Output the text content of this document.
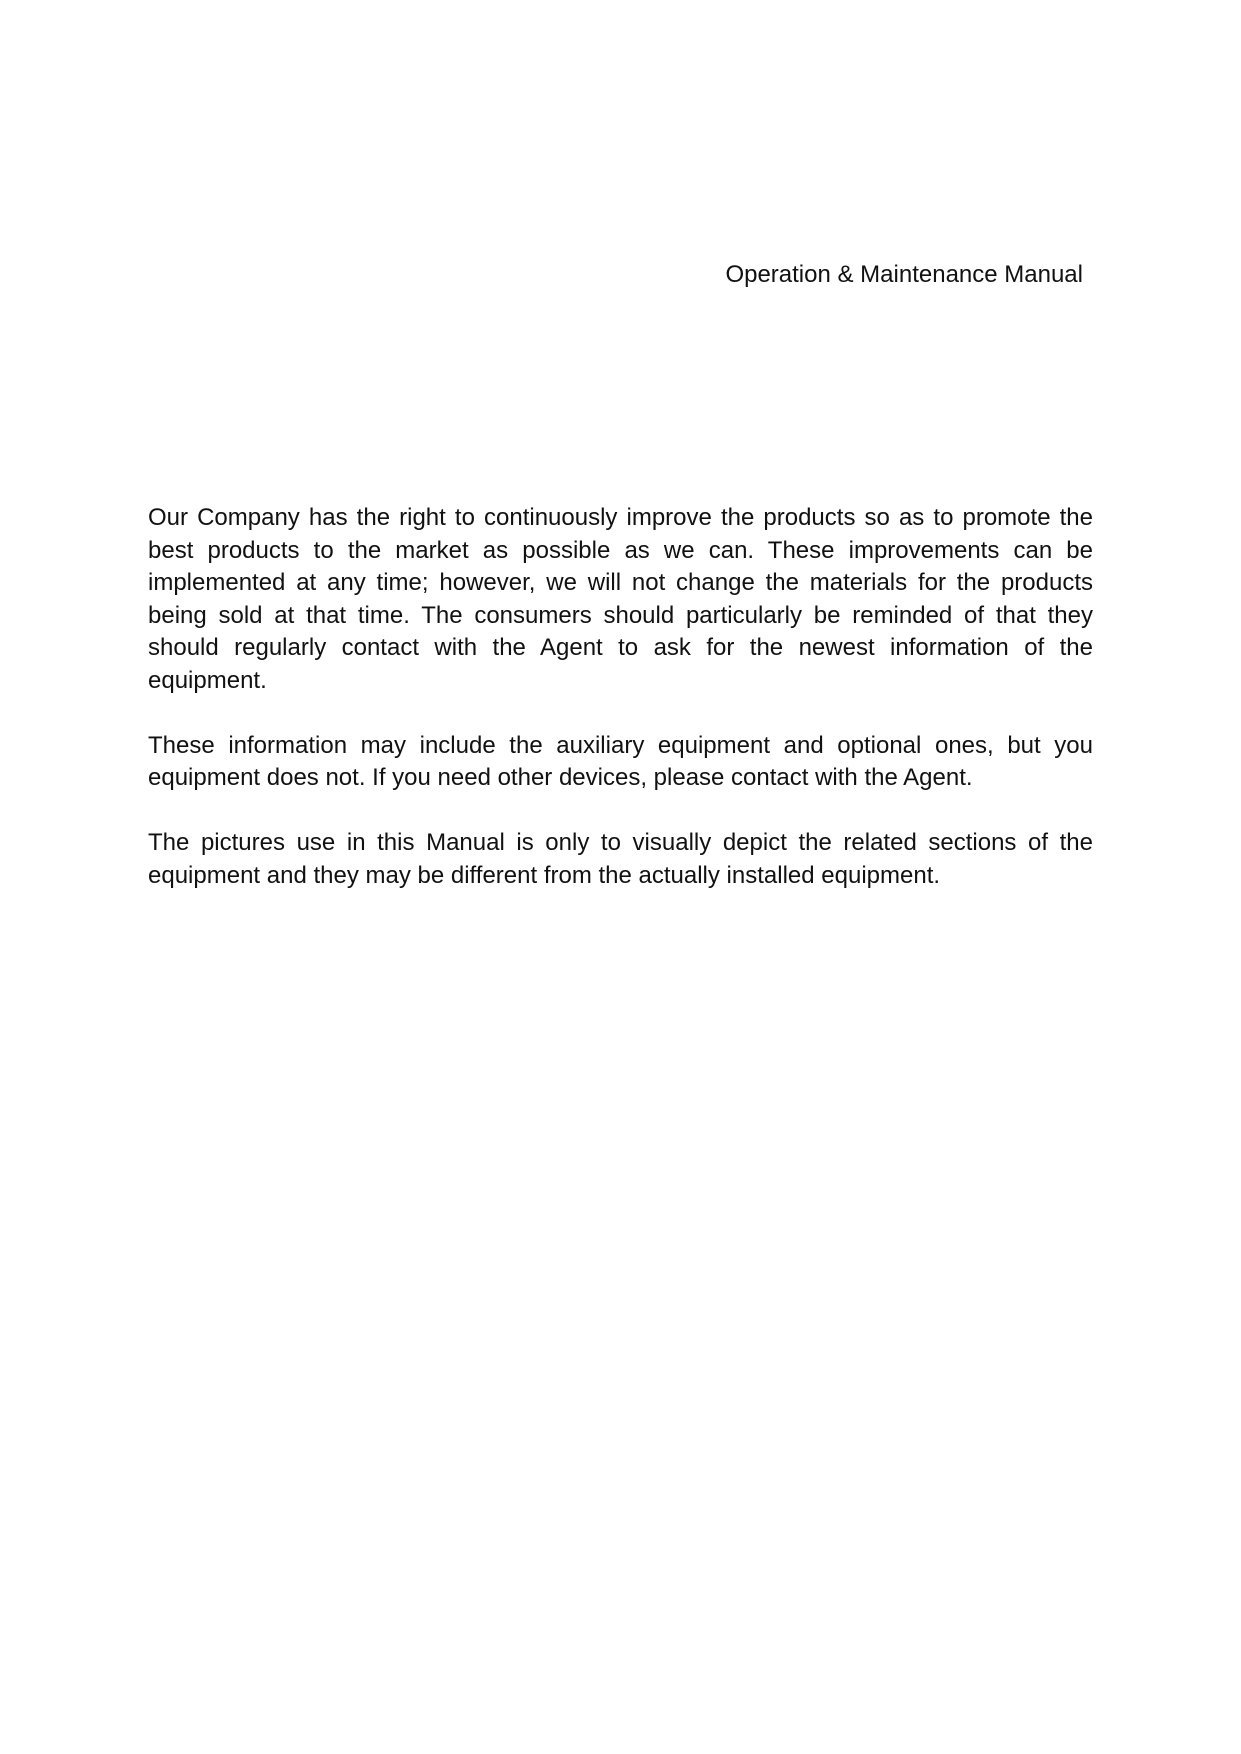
Operation & Maintenance Manual

Our Company has the right to continuously improve the products so as to promote the best products to the market as possible as we can. These improvements can be implemented at any time; however, we will not change the materials for the products being sold at that time. The consumers should particularly be reminded of that they should regularly contact with the Agent to ask for the newest information of the equipment.

These information may include the auxiliary equipment and optional ones, but you equipment does not. If you need other devices, please contact with the Agent.

The pictures use in this Manual is only to visually depict the related sections of the equipment and they may be different from the actually installed equipment.
